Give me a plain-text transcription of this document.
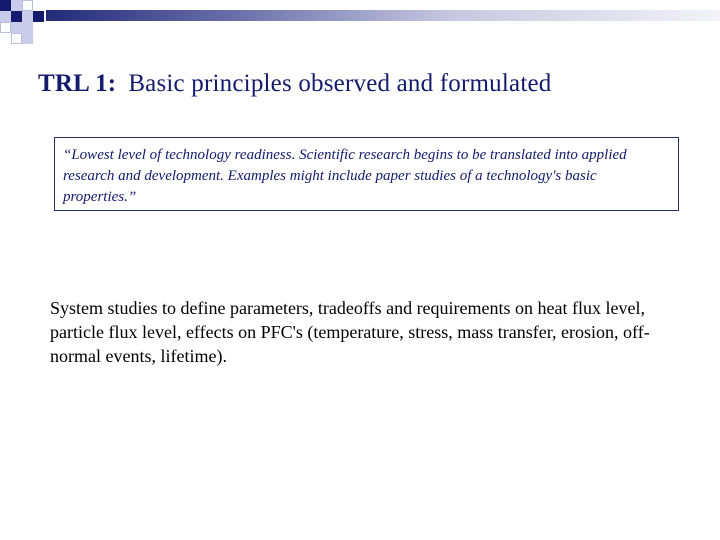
TRL 1: Basic principles observed and formulated
“Lowest level of technology readiness. Scientific research begins to be translated into applied research and development. Examples might include paper studies of a technology's basic properties.”
System studies to define parameters, tradeoffs and requirements on heat flux level, particle flux level, effects on PFC's (temperature, stress, mass transfer, erosion, off-normal events, lifetime).
